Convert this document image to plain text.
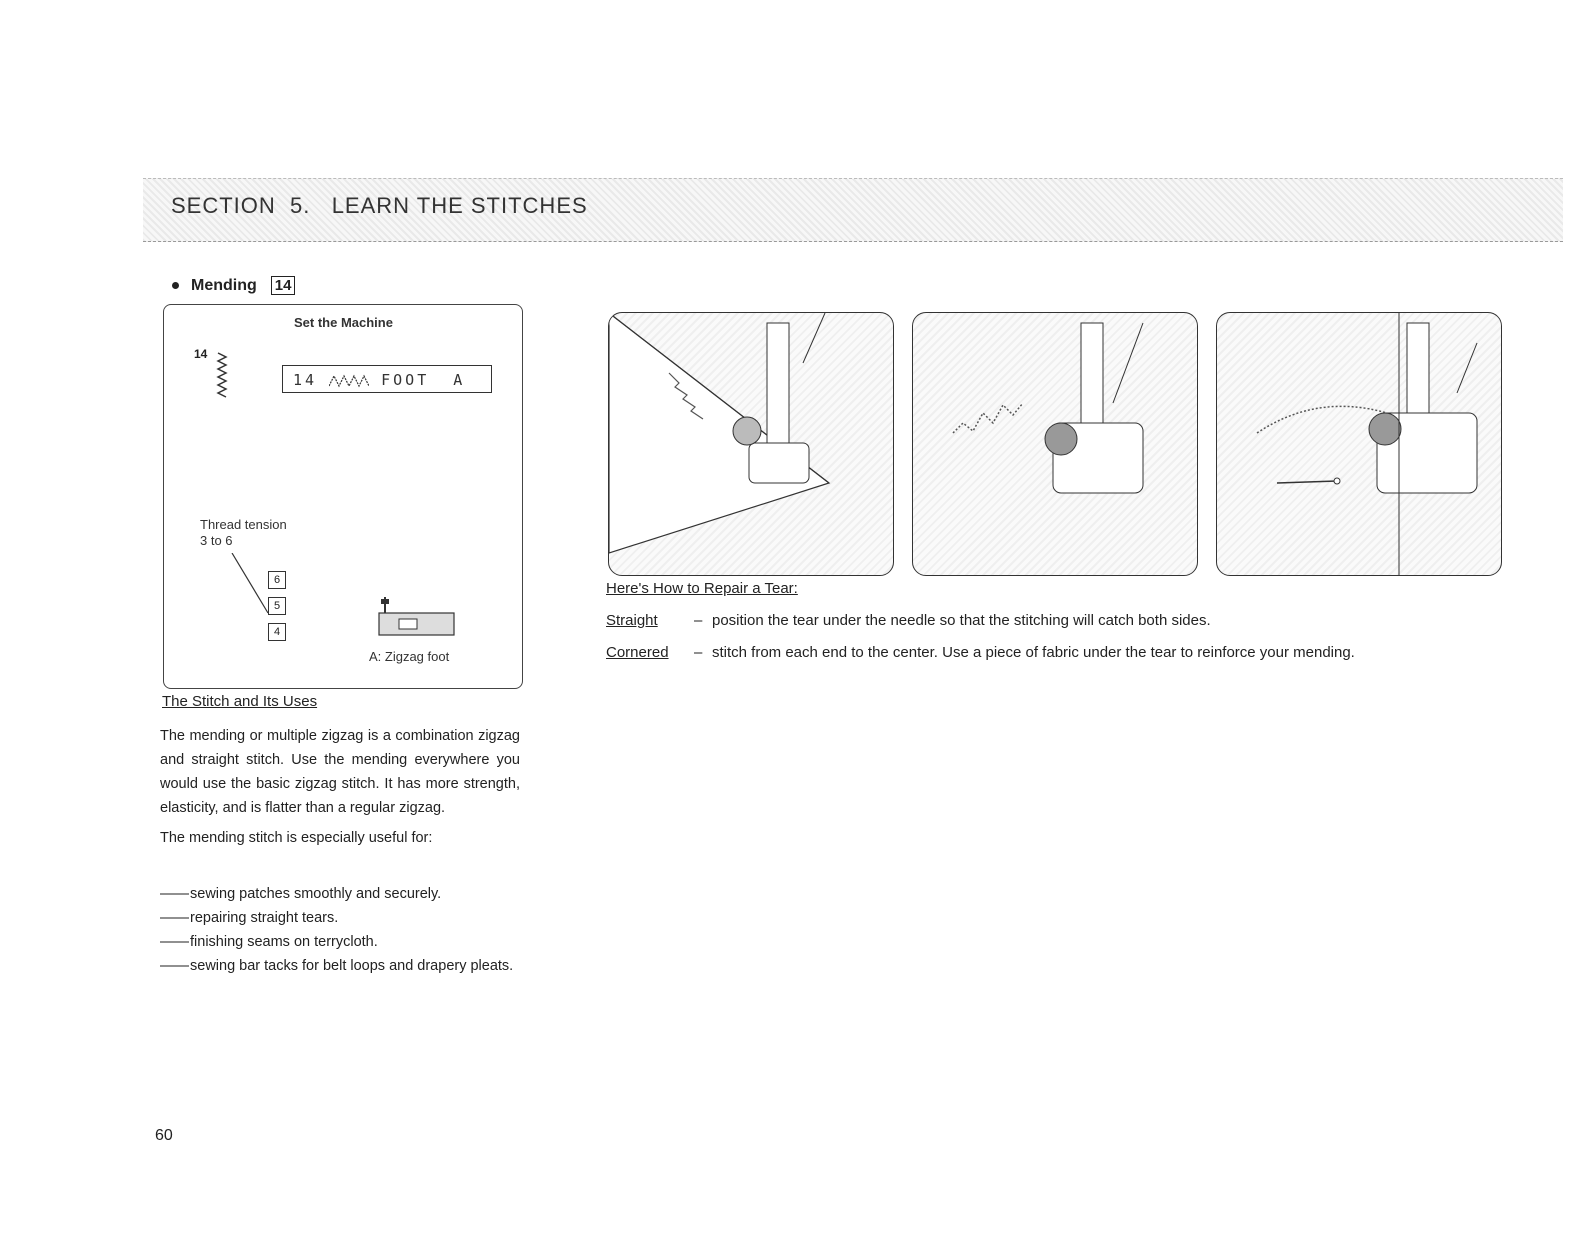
SECTION  5.   LEARN THE STITCHES
Mending 14
Set the Machine
14
14	FOOT  A
Thread tension
3 to 6
6
5
4
A: Zigzag foot
The Stitch and Its Uses

The mending or multiple zigzag is a combination zigzag and straight stitch. Use the mending everywhere you would use the basic zigzag stitch. It has more strength, elasticity, and is flatter than a regular zigzag.

The mending stitch is especially useful for:

—— sewing patches smoothly and securely.
—— repairing straight tears.
—— finishing seams on terrycloth.
—— sewing bar tacks for belt loops and drapery pleats.
Here's How to Repair a Tear:
Straight – position the tear under the needle so that the stitching will catch both sides.
Cornered – stitch from each end to the center. Use a piece of fabric under the tear to reinforce your mending.
60
